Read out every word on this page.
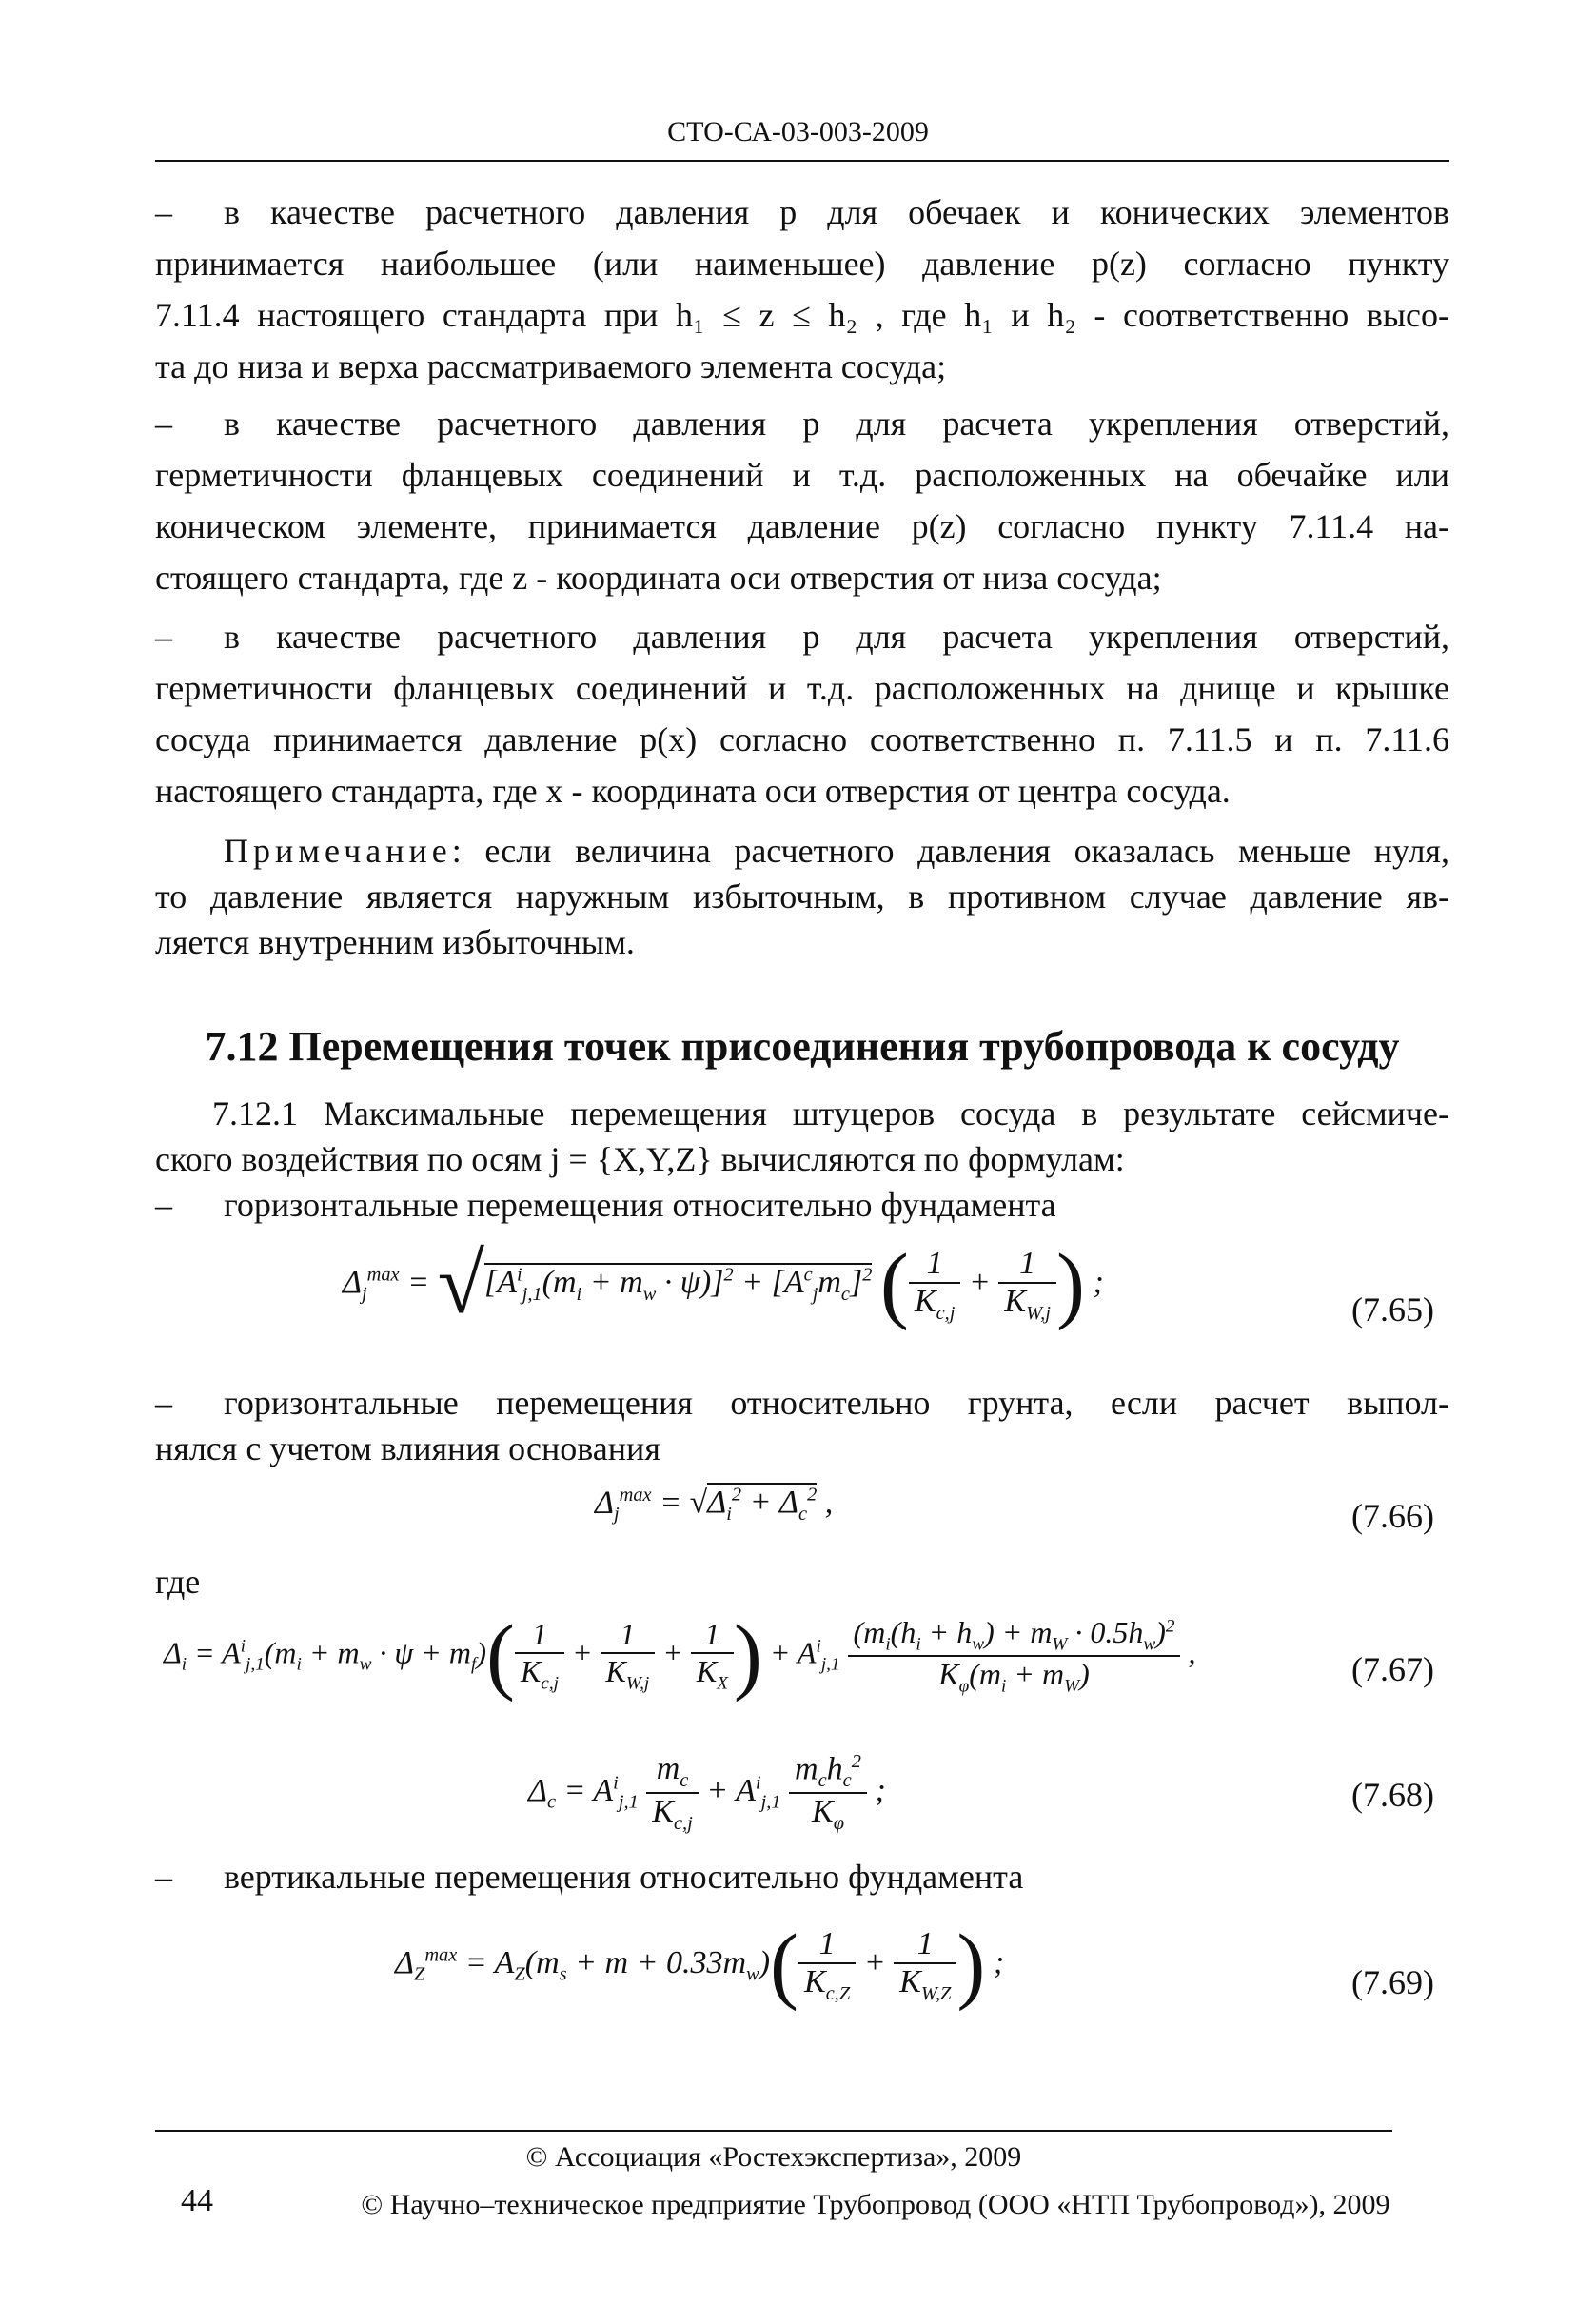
СТО-СА-03-003-2009
– в качестве расчетного давления p для обечаек и конических элементов
принимается наибольшее (или наименьшее) давление p(z) согласно пункту
7.11.4 настоящего стандарта при h₁ ≤ z ≤ h₂ , где h₁ и h₂ - соответственно высо-
та до низа и верха рассматриваемого элемента сосуда;
– в качестве расчетного давления p для расчета укрепления отверстий,
герметичности фланцевых соединений и т.д. расположенных на обечайке или
коническом элементе, принимается давление p(z) согласно пункту 7.11.4 на-
стоящего стандарта, где z - координата оси отверстия от низа сосуда;
– в качестве расчетного давления p для расчета укрепления отверстий,
герметичности фланцевых соединений и т.д. расположенных на днище и крышке
сосуда принимается давление p(x) согласно соответственно п. 7.11.5 и п. 7.11.6
настоящего стандарта, где x - координата оси отверстия от центра сосуда.
Примечание: если величина расчетного давления оказалась меньше нуля,
то давление является наружным избыточным, в противном случае давление яв-
ляется внутренним избыточным.
7.12 Перемещения точек присоединения трубопровода к сосуду
7.12.1 Максимальные перемещения штуцеров сосуда в результате сейсмиче-
ского воздействия по осям j = {X,Y,Z} вычисляются по формулам:
– горизонтальные перемещения относительно фундамента
$\Delta_j^{max} = √[A^i_{j,1}(m_i + m_w \cdot \psi)]^2 + [A^c_jm_c]^2$ ( $\frac{1}{K_{c,j}} + \frac{1}{K_{W,j}}$ ) ;
(7.65)
– горизонтальные перемещения относительно грунта, если расчет выпол-
нялся с учетом влияния основания
$\Delta_j^{max} = √\Delta_i^2 + \Delta_c^2$ ,	(7.66)
где
$\Delta_i = A^i_{j,1}(m_i + m_w \cdot \psi + m_f)( \frac{1}{K_{c,j}} + \frac{1}{K_{W,j}} + \frac{1}{K_X}$ ) + $A^i_{j,1} \frac{(m_i(h_i + h_w) + m_W \cdot 0.5h_w)^2}{K_\varphi(m_i + m_W)}$ ,	(7.67)
$\Delta_c = A^i_{j,1} \frac{m_c}{K_{c,j}} + A^i_{j,1} \frac{m_ch_c^2}{K_\varphi}$ ;	(7.68)
– вертикальные перемещения относительно фундамента
$\Delta_Z^{max} = A_Z(m_s + m + 0.33m_w)( \frac{1}{K_{c,Z}} + \frac{1}{K_{W,Z}}$ ) ;
(7.69)
© Ассоциация «Ростехэкспертиза», 2009
44	© Научно–техническое предприятие Трубопровод (ООО «НТП Трубопровод»), 2009
